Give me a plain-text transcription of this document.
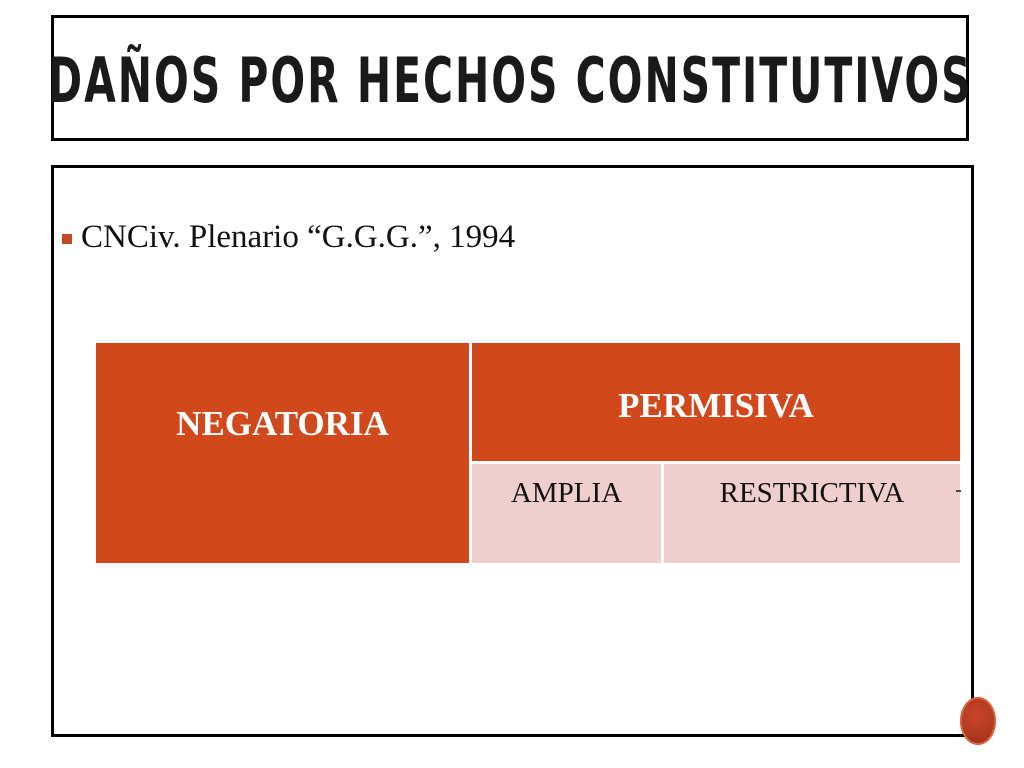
DAÑOS POR HECHOS CONSTITUTIVOS
CNCiv. Plenario “G.G.G.”, 1994
NEGATORIA	PERMISIVA
AMPLIA	RESTRICTIVA
